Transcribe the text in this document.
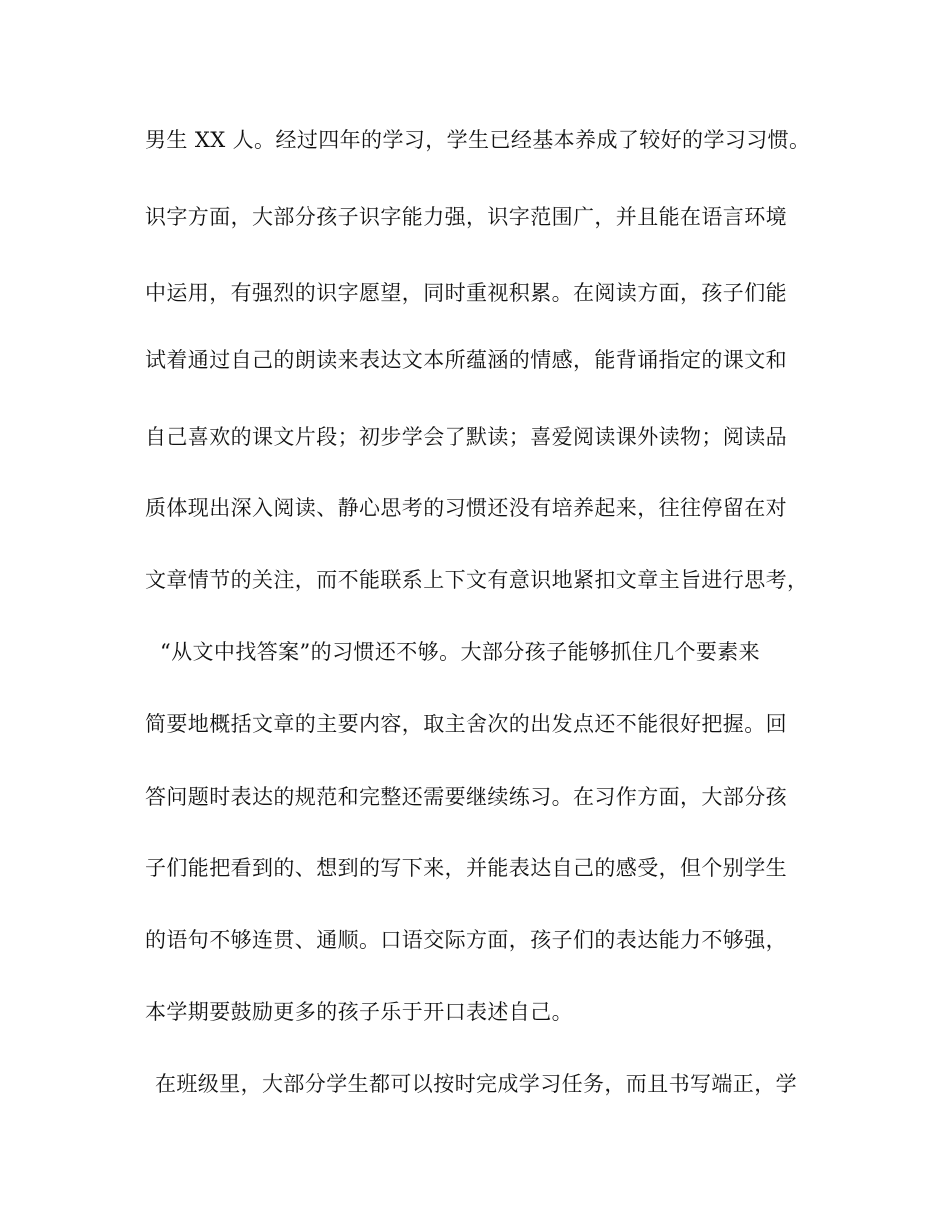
男生 XX 人。经过四年的学习，学生已经基本养成了较好的学习习惯。
识字方面，大部分孩子识字能力强，识字范围广，并且能在语言环境
中运用，有强烈的识字愿望，同时重视积累。在阅读方面，孩子们能
试着通过自己的朗读来表达文本所蕴涵的情感，能背诵指定的课文和
自己喜欢的课文片段；初步学会了默读；喜爱阅读课外读物；阅读品
质体现出深入阅读、静心思考的习惯还没有培养起来，往往停留在对
文章情节的关注，而不能联系上下文有意识地紧扣文章主旨进行思考，
“从文中找答案”的习惯还不够。大部分孩子能够抓住几个要素来
简要地概括文章的主要内容，取主舍次的出发点还不能很好把握。回
答问题时表达的规范和完整还需要继续练习。在习作方面，大部分孩
子们能把看到的、想到的写下来，并能表达自己的感受，但个别学生
的语句不够连贯、通顺。口语交际方面，孩子们的表达能力不够强，
本学期要鼓励更多的孩子乐于开口表述自己。
在班级里，大部分学生都可以按时完成学习任务，而且书写端正，学
